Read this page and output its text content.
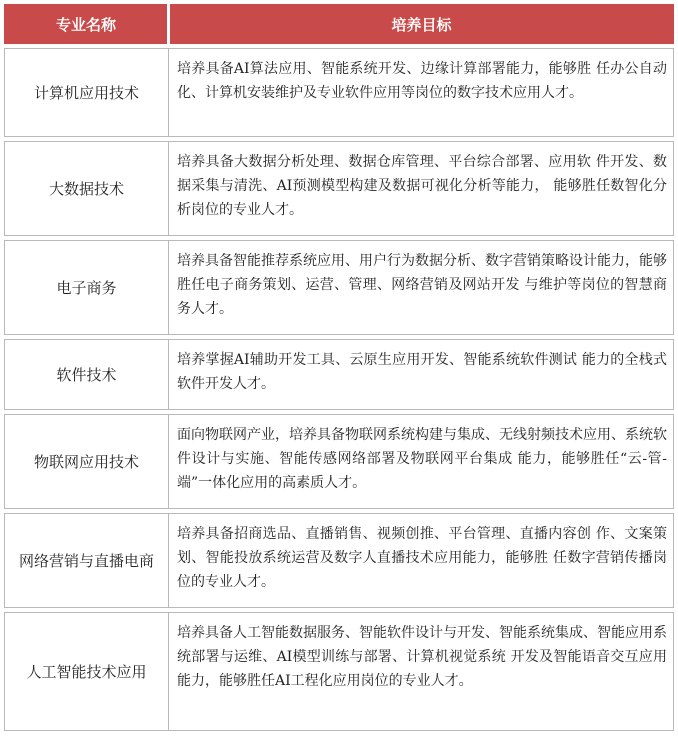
专业名称	培养目标

计算机应用技术	培养具备AI算法应用、智能系统开发、边缘计算部署能力，能够胜 任办公自动化、计算机安装维护及专业软件应用等岗位的数字技术应用人才。

大数据技术	培养具备大数据分析处理、数据仓库管理、平台综合部署、应用软 件开发、数据采集与清洗、AI预测模型构建及数据可视化分析等能力， 能够胜任数智化分析岗位的专业人才。

电子商务	培养具备智能推荐系统应用、用户行为数据分析、数字营销策略设计能力，能够胜任电子商务策划、运营、管理、网络营销及网站开发 与维护等岗位的智慧商务人才。

软件技术	培养掌握AI辅助开发工具、云原生应用开发、智能系统软件测试 能力的全栈式软件开发人才。

物联网应用技术	面向物联网产业，培养具备物联网系统构建与集成、无线射频技术应用、系统软件设计与实施、智能传感网络部署及物联网平台集成 能力，能够胜任“云-管-端”一体化应用的高素质人才。

网络营销与直播电商	培养具备招商选品、直播销售、视频创推、平台管理、直播内容创 作、文案策划、智能投放系统运营及数字人直播技术应用能力，能够胜 任数字营销传播岗位的专业人才。

人工智能技术应用	培养具备人工智能数据服务、智能软件设计与开发、智能系统集成、智能应用系统部署与运维、AI模型训练与部署、计算机视觉系统 开发及智能语音交互应用能力，能够胜任AI工程化应用岗位的专业人才。
